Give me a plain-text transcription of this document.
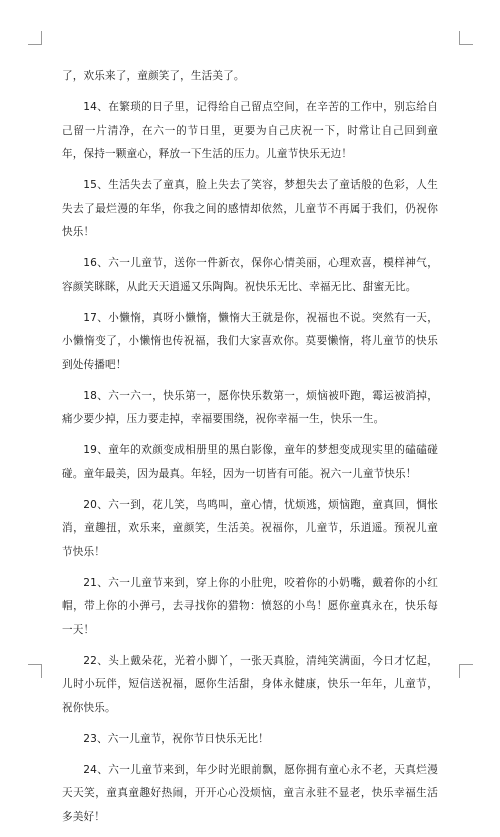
了，欢乐来了，童颜笑了，生活美了。

14、在繁琐的日子里，记得给自己留点空间，在辛苦的工作中，别忘给自己留一片清净，在六一的节日里，更要为自己庆祝一下，时常让自己回到童年，保持一颗童心，释放一下生活的压力。儿童节快乐无边！

15、生活失去了童真，脸上失去了笑容，梦想失去了童话般的色彩，人生失去了最烂漫的年华，你我之间的感情却依然，儿童节不再属于我们，仍祝你快乐！

16、六一儿童节，送你一件新衣，保你心情美丽，心理欢喜，模样神气，容颜笑眯眯，从此天天逍遥又乐陶陶。祝快乐无比、幸福无比、甜蜜无比。

17、小懒惰，真呀小懒惰，懒惰大王就是你，祝福也不说。突然有一天，小懒惰变了，小懒惰也传祝福，我们大家喜欢你。莫要懒惰，将儿童节的快乐到处传播吧！

18、六一六一，快乐第一，愿你快乐数第一，烦恼被吓跑，霉运被消掉，痛少要少掉，压力要走掉，幸福要围绕，祝你幸福一生，快乐一生。

19、童年的欢颜变成相册里的黑白影像，童年的梦想变成现实里的磕磕碰碰。童年最美，因为最真。年轻，因为一切皆有可能。祝六一儿童节快乐！

20、六一到，花儿笑，鸟鸣叫，童心情，忧烦逃，烦恼跑，童真回，惆怅消，童趣扭，欢乐来，童颜笑，生活美。祝福你，儿童节，乐逍遥。预祝儿童节快乐！

21、六一儿童节来到，穿上你的小肚兜，咬着你的小奶嘴，戴着你的小红帽，带上你的小弹弓，去寻找你的猎物：愤怒的小鸟！愿你童真永在，快乐每一天！

22、头上戴朵花，光着小脚丫，一张天真脸，清纯笑满面，今日才忆起，儿时小玩伴，短信送祝福，愿你生活甜，身体永健康，快乐一年年，儿童节，祝你快乐。

23、六一儿童节，祝你节日快乐无比！

24、六一儿童节来到，年少时光眼前飘，愿你拥有童心永不老，天真烂漫天天笑，童真童趣好热闹，开开心心没烦恼，童言永驻不显老，快乐幸福生活多美好！
